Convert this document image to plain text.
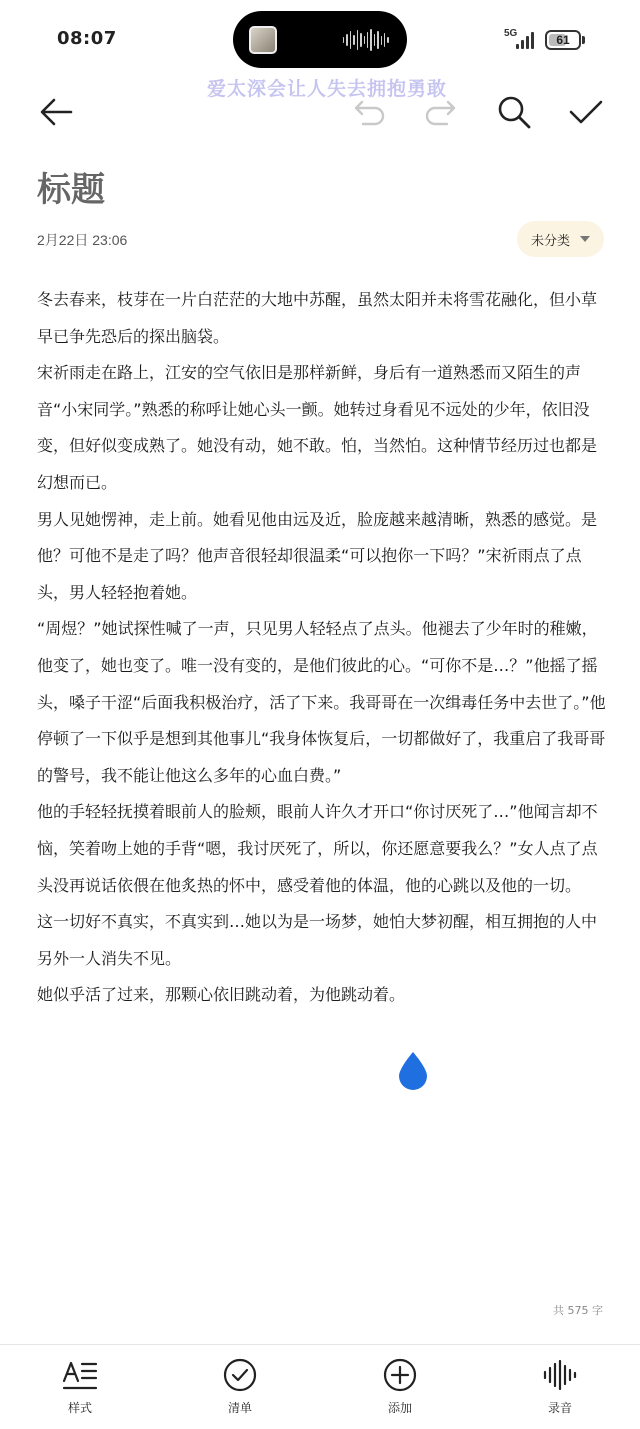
08:07	5G	61
爱太深会让人失去拥抱勇敢
标题
2月22日 23:06	未分类

冬去春来，枝芽在一片白茫茫的大地中苏醒，虽然太阳并未将雪花融化，但小草早已争先恐后的探出脑袋。

宋祈雨走在路上，江安的空气依旧是那样新鲜，身后有一道熟悉而又陌生的声音“小宋同学。”熟悉的称呼让她心头一颤。她转过身看见不远处的少年，依旧没变，但好似变成熟了。她没有动，她不敢。怕，当然怕。这种情节经历过也都是幻想而已。

男人见她愣神，走上前。她看见他由远及近，脸庞越来越清晰，熟悉的感觉。是他？可他不是走了吗？他声音很轻却很温柔“可以抱你一下吗？”宋祈雨点了点头，男人轻轻抱着她。

“周煜？”她试探性喊了一声，只见男人轻轻点了点头。他褪去了少年时的稚嫩，他变了，她也变了。唯一没有变的，是他们彼此的心。“可你不是…？”他摇了摇头，嗓子干涩“后面我积极治疗，活了下来。我哥哥在一次缉毒任务中去世了。”他停顿了一下似乎是想到其他事儿“我身体恢复后，一切都做好了，我重启了我哥哥的警号，我不能让他这么多年的心血白费。”

他的手轻轻抚摸着眼前人的脸颊，眼前人许久才开口“你讨厌死了…”他闻言却不恼，笑着吻上她的手背“嗯，我讨厌死了，所以，你还愿意要我么？”女人点了点头没再说话依偎在他炙热的怀中，感受着他的体温，他的心跳以及他的一切。

这一切好不真实，不真实到…她以为是一场梦，她怕大梦初醒，相互拥抱的人中另外一人消失不见。

她似乎活了过来，那颗心依旧跳动着，为他跳动着。

共 575 字
样式	清单	添加	录音
